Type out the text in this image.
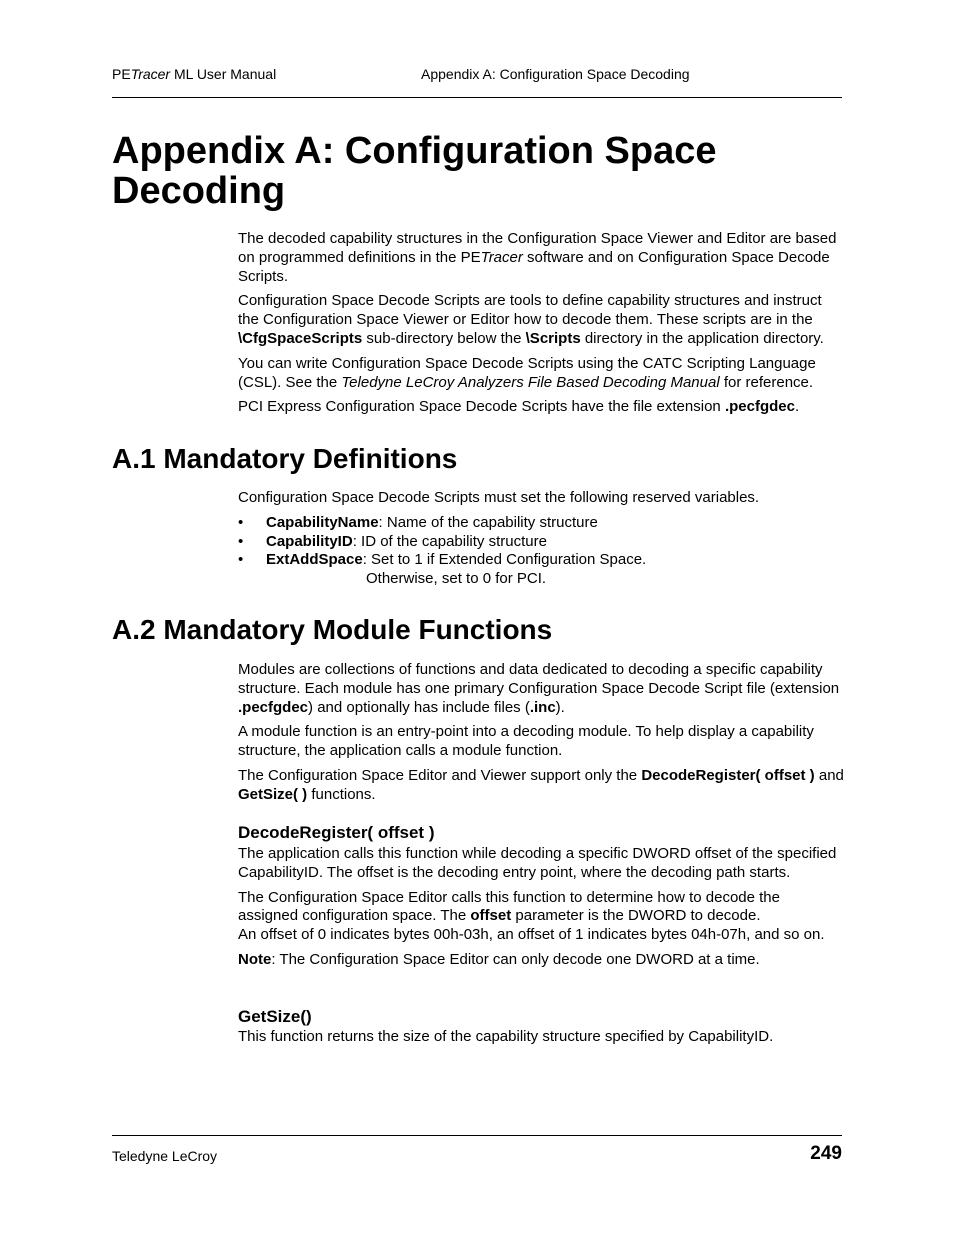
PETracer ML User Manual	Appendix A: Configuration Space Decoding
Appendix A: Configuration Space Decoding

The decoded capability structures in the Configuration Space Viewer and Editor are based on programmed definitions in the PETracer software and on Configuration Space Decode Scripts.

Configuration Space Decode Scripts are tools to define capability structures and instruct the Configuration Space Viewer or Editor how to decode them. These scripts are in the \CfgSpaceScripts sub-directory below the \Scripts directory in the application directory.

You can write Configuration Space Decode Scripts using the CATC Scripting Language (CSL). See the Teledyne LeCroy Analyzers File Based Decoding Manual for reference.

PCI Express Configuration Space Decode Scripts have the file extension .pecfgdec.

A.1 Mandatory Definitions

Configuration Space Decode Scripts must set the following reserved variables.

• CapabilityName: Name of the capability structure
• CapabilityID: ID of the capability structure
• ExtAddSpace: Set to 1 if Extended Configuration Space.

Otherwise, set to 0 for PCI.

A.2 Mandatory Module Functions

Modules are collections of functions and data dedicated to decoding a specific capability structure. Each module has one primary Configuration Space Decode Script file (extension .pecfgdec) and optionally has include files (.inc).

A module function is an entry-point into a decoding module. To help display a capability structure, the application calls a module function.

The Configuration Space Editor and Viewer support only the DecodeRegister( offset ) and GetSize( ) functions.

DecodeRegister( offset )

The application calls this function while decoding a specific DWORD offset of the specified CapabilityID. The offset is the decoding entry point, where the decoding path starts.

The Configuration Space Editor calls this function to determine how to decode the assigned configuration space. The offset parameter is the DWORD to decode.
An offset of 0 indicates bytes 00h-03h, an offset of 1 indicates bytes 04h-07h, and so on.

Note: The Configuration Space Editor can only decode one DWORD at a time.

GetSize()

This function returns the size of the capability structure specified by CapabilityID.

Teledyne LeCroy	249
